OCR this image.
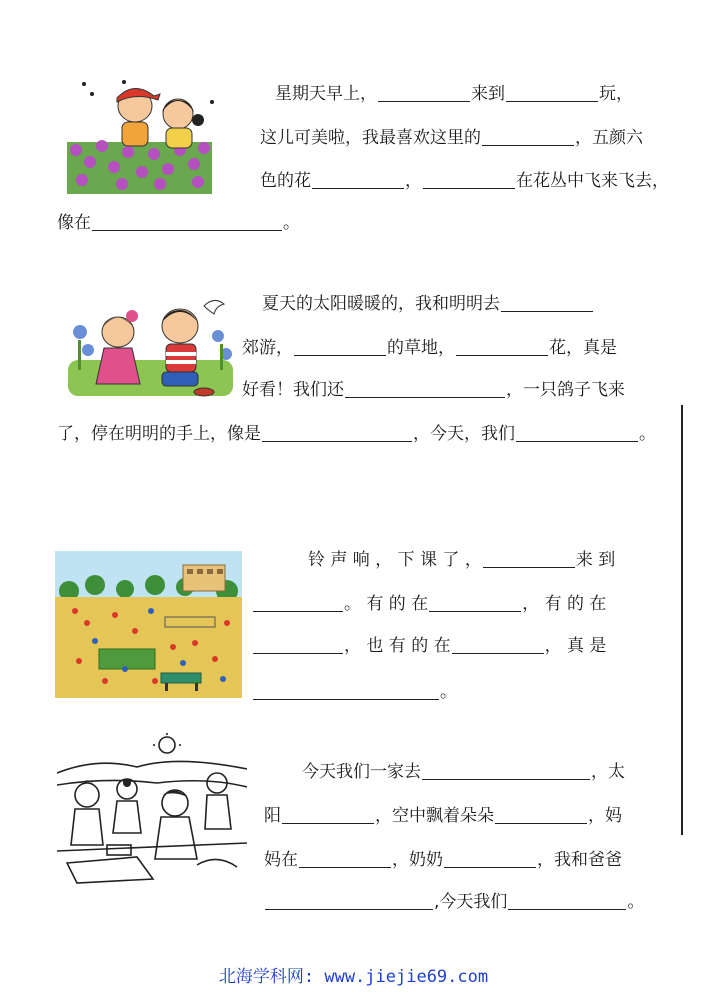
星期天早上，	来到	玩，
这儿可美啦，我最喜欢这里的	，五颜六
色的花	，	在花丛中飞来飞去，
像在	。
夏天的太阳暖暖的，我和明明去
郊游，	的草地，	花，真是
好看！我们还	，一只鸽子飞来
了，停在明明的手上，像是	，今天，我们	。
铃 声 响 ， 下 课 了 ，	来 到
。 有 的 在	， 有 的 在
， 也 有 的 在	， 真 是
。
今天我们一家去	，太
阳	，空中飘着朵朵	，妈
妈在	，奶奶	，我和爸爸
,今天我们	。
北海学科网: www.jiejie69.com
